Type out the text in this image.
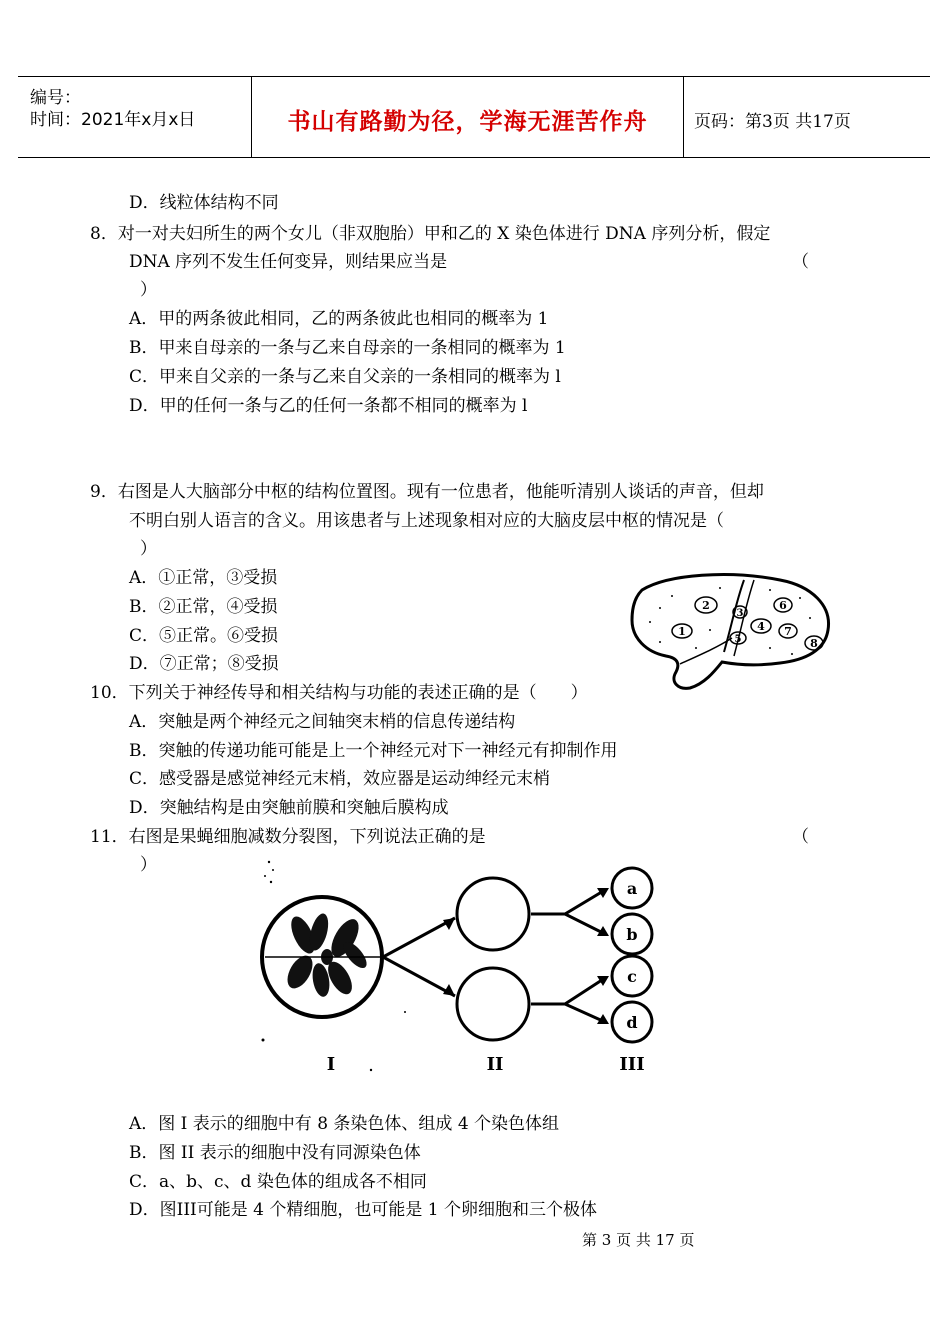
编号：
时间：2021年x月x日	书山有路勤为径，学海无涯苦作舟	页码：第3页 共17页
D．线粒体结构不同
8．对一对夫妇所生的两个女儿（非双胞胎）甲和乙的 X 染色体进行 DNA 序列分析，假定
DNA 序列不发生任何变异，则结果应当是	（
）
A．甲的两条彼此相同，乙的两条彼此也相同的概率为 1
B．甲来自母亲的一条与乙来自母亲的一条相同的概率为 1
C．甲来自父亲的一条与乙来自父亲的一条相同的概率为 l
D．甲的任何一条与乙的任何一条都不相同的概率为 l
9．右图是人大脑部分中枢的结构位置图。现有一位患者，他能听清别人谈话的声音，但却
不明白别人语言的含义。用该患者与上述现象相对应的大脑皮层中枢的情况是（
）
A．①正常，③受损
B．②正常，④受损
C．⑤正常。⑥受损
D．⑦正常；⑧受损
10．下列关于神经传导和相关结构与功能的表述正确的是（　　）
A．突触是两个神经元之间轴突末梢的信息传递结构
B．突触的传递功能可能是上一个神经元对下一神经元有抑制作用
C．感受器是感觉神经元末梢，效应器是运动绅经元末梢
D．突触结构是由突触前膜和突触后膜构成
11．右图是果蝇细胞减数分裂图，下列说法正确的是	（
）
A．图 I 表示的细胞中有 8 条染色体、组成 4 个染色体组
B．图 II 表示的细胞中没有同源染色体
C．a、b、c、d 染色体的组成各不相同
D．图III可能是 4 个精细胞，也可能是 1 个卵细胞和三个极体
1
2
3
4
5
6
7
8
a
b
c
d
I	II	III
第 3 页 共 17 页
